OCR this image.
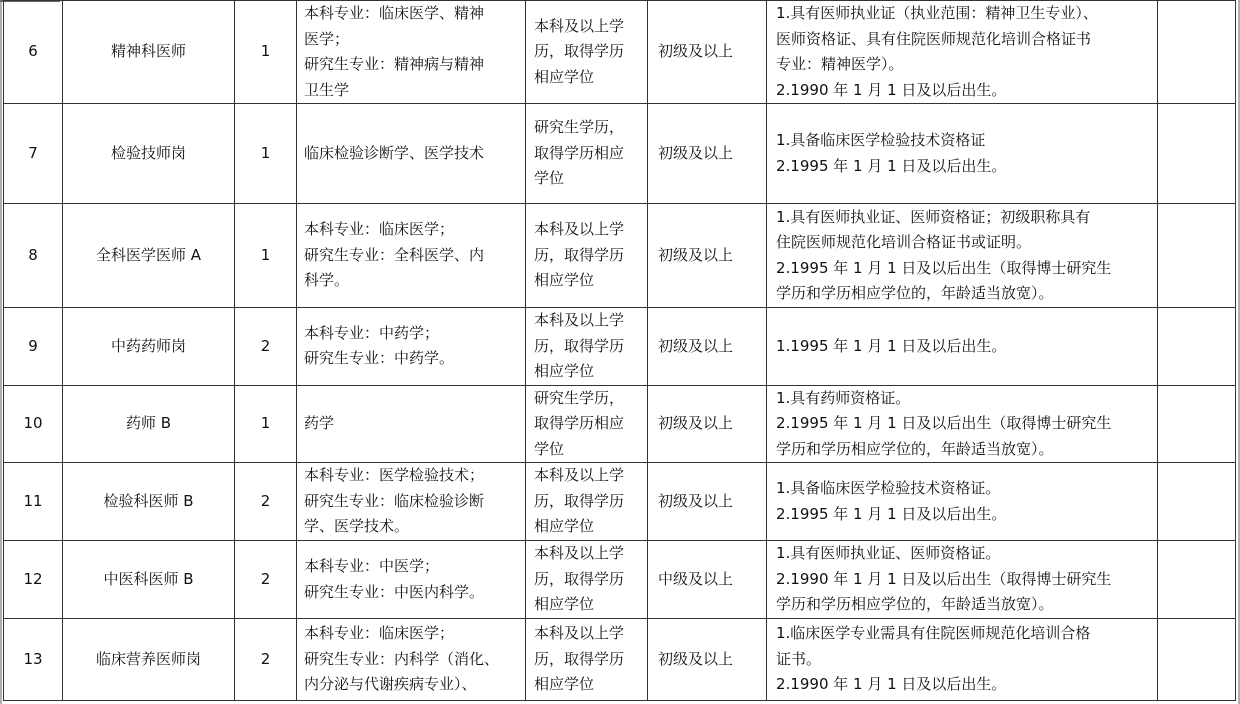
6	精神科医师	1	本科专业：临床医学、精神
医学；
研究生专业：精神病与精神
卫生学	本科及以上学
历，取得学历
相应学位	初级及以上	1.具有医师执业证（执业范围：精神卫生专业）、
医师资格证、具有住院医师规范化培训合格证书
专业：精神医学）。
2.1990 年 1 月 1 日及以后出生。	

7	检验技师岗	1	临床检验诊断学、医学技术	研究生学历，
取得学历相应
学位	初级及以上	1.具备临床医学检验技术资格证
2.1995 年 1 月 1 日及以后出生。	

8	全科医学医师 A	1	本科专业：临床医学；
研究生专业：全科医学、内
科学。	本科及以上学
历，取得学历
相应学位	初级及以上	1.具有医师执业证、医师资格证；初级职称具有
住院医师规范化培训合格证书或证明。
2.1995 年 1 月 1 日及以后出生（取得博士研究生
学历和学历相应学位的，年龄适当放宽）。	

9	中药药师岗	2	本科专业：中药学；
研究生专业：中药学。	本科及以上学
历，取得学历
相应学位	初级及以上	1.1995 年 1 月 1 日及以后出生。	

10	药师 B	1	药学	研究生学历，
取得学历相应
学位	初级及以上	1.具有药师资格证。
2.1995 年 1 月 1 日及以后出生（取得博士研究生
学历和学历相应学位的，年龄适当放宽）。	

11	检验科医师 B	2	本科专业：医学检验技术；
研究生专业：临床检验诊断
学、医学技术。	本科及以上学
历，取得学历
相应学位	初级及以上	1.具备临床医学检验技术资格证。
2.1995 年 1 月 1 日及以后出生。	

12	中医科医师 B	2	本科专业：中医学；
研究生专业：中医内科学。	本科及以上学
历，取得学历
相应学位	中级及以上	1.具有医师执业证、医师资格证。
2.1990 年 1 月 1 日及以后出生（取得博士研究生
学历和学历相应学位的，年龄适当放宽）。	

13	临床营养医师岗	2	本科专业：临床医学；
研究生专业：内科学（消化、
内分泌与代谢疾病专业）、	本科及以上学
历，取得学历
相应学位	初级及以上	1.临床医学专业需具有住院医师规范化培训合格
证书。
2.1990 年 1 月 1 日及以后出生。	
